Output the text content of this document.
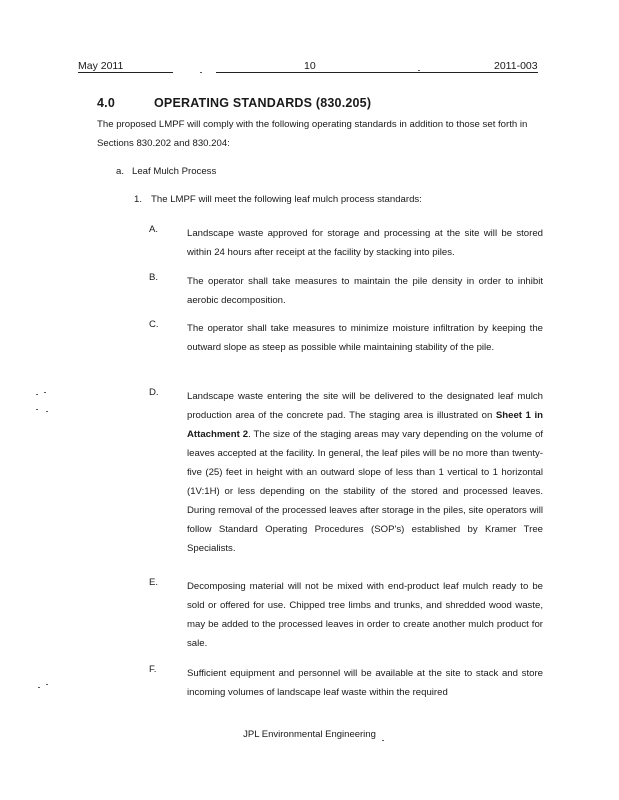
May 2011	10	2011-003
4.0	OPERATING STANDARDS (830.205)
The proposed LMPF will comply with the following operating standards in addition to those set forth in Sections 830.202 and 830.204:
a. Leaf Mulch Process
1. The LMPF will meet the following leaf mulch process standards:
A.	Landscape waste approved for storage and processing at the site will be stored within 24 hours after receipt at the facility by stacking into piles.
B.	The operator shall take measures to maintain the pile density in order to inhibit aerobic decomposition.
C.	The operator shall take measures to minimize moisture infiltration by keeping the outward slope as steep as possible while maintaining stability of the pile.
D.	Landscape waste entering the site will be delivered to the designated leaf mulch production area of the concrete pad. The staging area is illustrated on Sheet 1 in Attachment 2. The size of the staging areas may vary depending on the volume of leaves accepted at the facility. In general, the leaf piles will be no more than twenty-five (25) feet in height with an outward slope of less than 1 vertical to 1 horizontal (1V:1H) or less depending on the stability of the stored and processed leaves. During removal of the processed leaves after storage in the piles, site operators will follow Standard Operating Procedures (SOP's) established by Kramer Tree Specialists.
E.	Decomposing material will not be mixed with end-product leaf mulch ready to be sold or offered for use. Chipped tree limbs and trunks, and shredded wood waste, may be added to the processed leaves in order to create another mulch product for sale.
F.	Sufficient equipment and personnel will be available at the site to stack and store incoming volumes of landscape leaf waste within the required
JPL Environmental Engineering
